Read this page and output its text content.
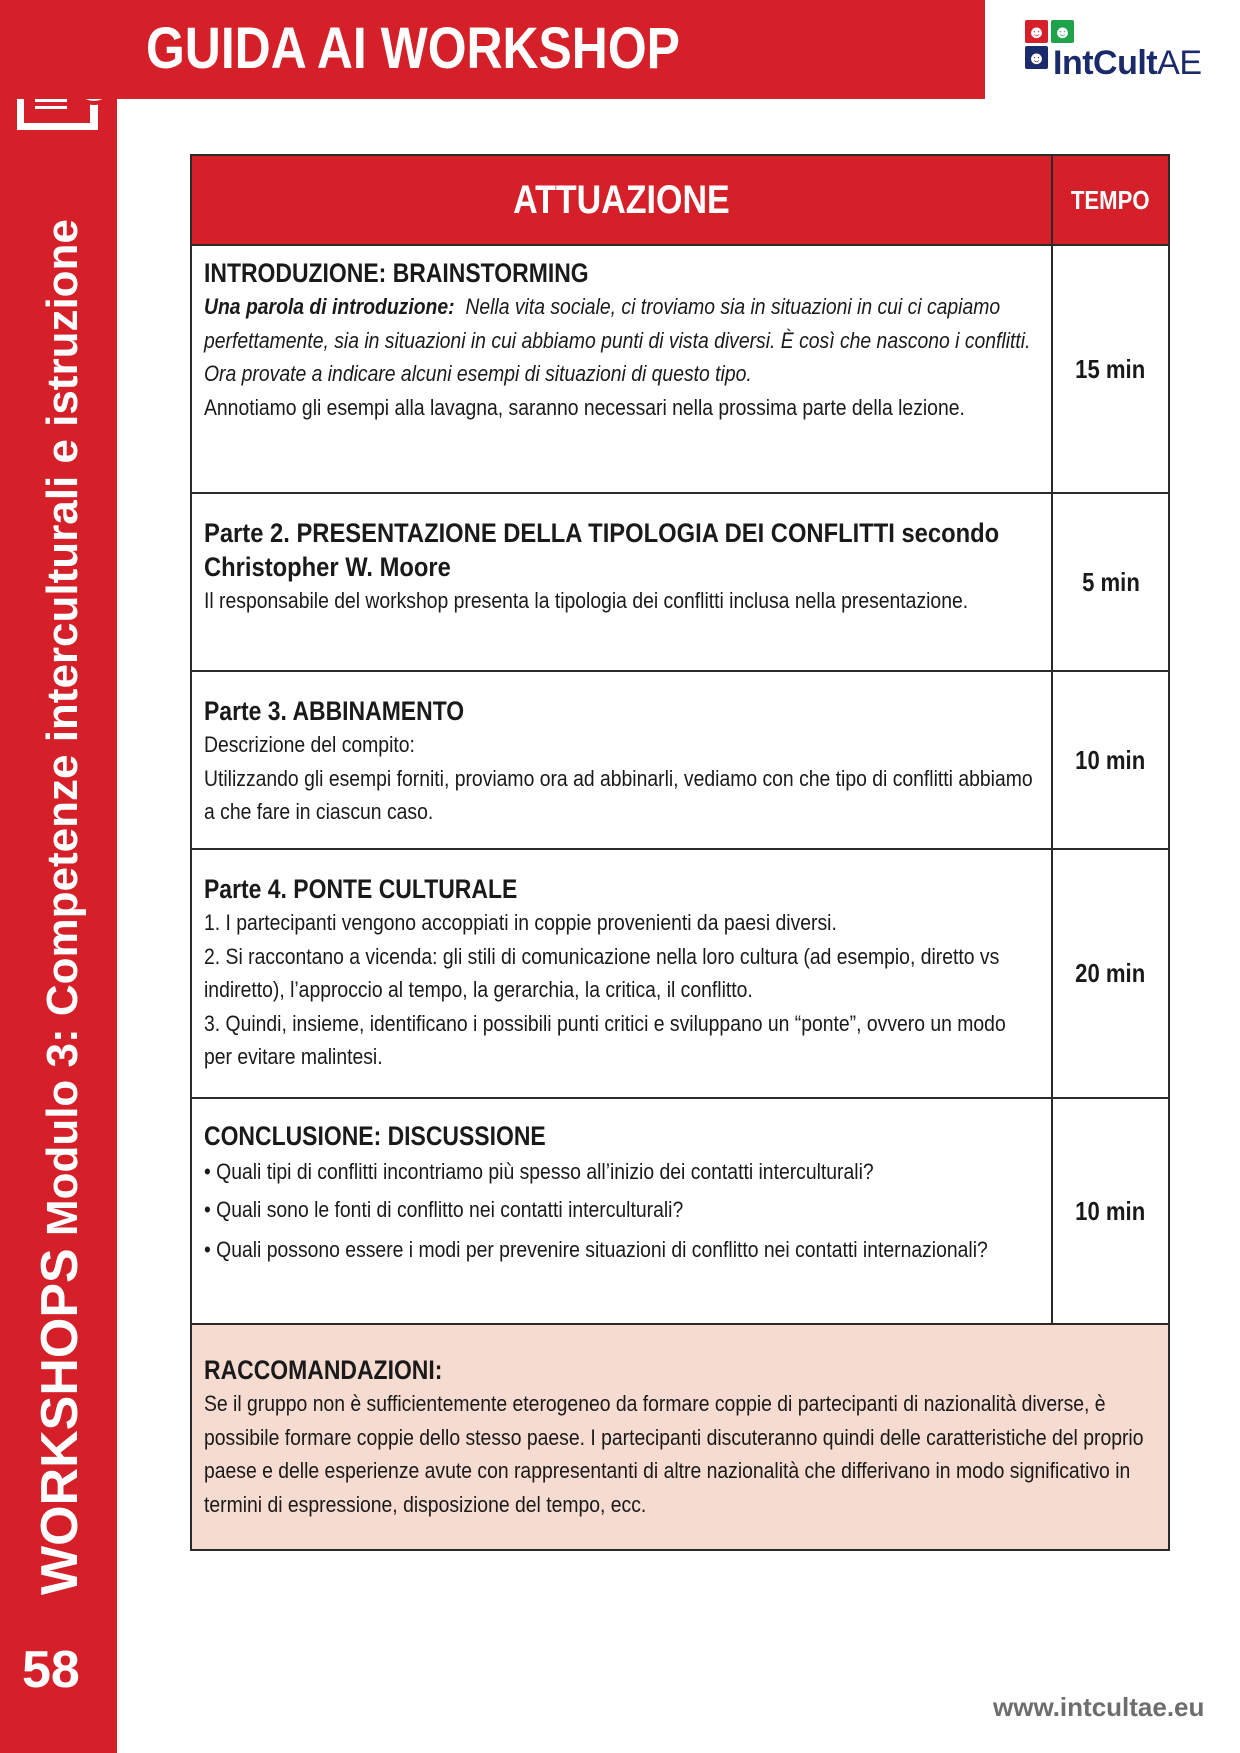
WORKSHOPS Modulo 3: Competenze interculturali e istruzione
58
GUIDA AI WORKSHOP	☻ ☻
☻ IntCultAE
ATTUAZIONE	TEMPO
INTRODUZIONE: BRAINSTORMING
Una parola di introduzione: Nella vita sociale, ci troviamo sia in situazioni in cui ci capiamo perfettamente, sia in situazioni in cui abbiamo punti di vista diversi. È così che nascono i conflitti. Ora provate a indicare alcuni esempi di situazioni di questo tipo.
Annotiamo gli esempi alla lavagna, saranno necessari nella prossima parte della lezione.
15 min
Parte 2. PRESENTAZIONE DELLA TIPOLOGIA DEI CONFLITTI secondo Christopher W. Moore
Il responsabile del workshop presenta la tipologia dei conflitti inclusa nella presentazione.
5 min
Parte 3. ABBINAMENTO
Descrizione del compito:
Utilizzando gli esempi forniti, proviamo ora ad abbinarli, vediamo con che tipo di conflitti abbiamo a che fare in ciascun caso.
10 min
Parte 4. PONTE CULTURALE
1. I partecipanti vengono accoppiati in coppie provenienti da paesi diversi.
2. Si raccontano a vicenda: gli stili di comunicazione nella loro cultura (ad esempio, diretto vs indiretto), l’approccio al tempo, la gerarchia, la critica, il conflitto.
3. Quindi, insieme, identificano i possibili punti critici e sviluppano un “ponte”, ovvero un modo per evitare malintesi.
20 min
CONCLUSIONE: DISCUSSIONE
• Quali tipi di conflitti incontriamo più spesso all’inizio dei contatti interculturali?
• Quali sono le fonti di conflitto nei contatti interculturali?
• Quali possono essere i modi per prevenire situazioni di conflitto nei contatti internazionali?
10 min
RACCOMANDAZIONI:
Se il gruppo non è sufficientemente eterogeneo da formare coppie di partecipanti di nazionalità diverse, è possibile formare coppie dello stesso paese. I partecipanti discuteranno quindi delle caratteristiche del proprio paese e delle esperienze avute con rappresentanti di altre nazionalità che differivano in modo significativo in termini di espressione, disposizione del tempo, ecc.
www.intcultae.eu
